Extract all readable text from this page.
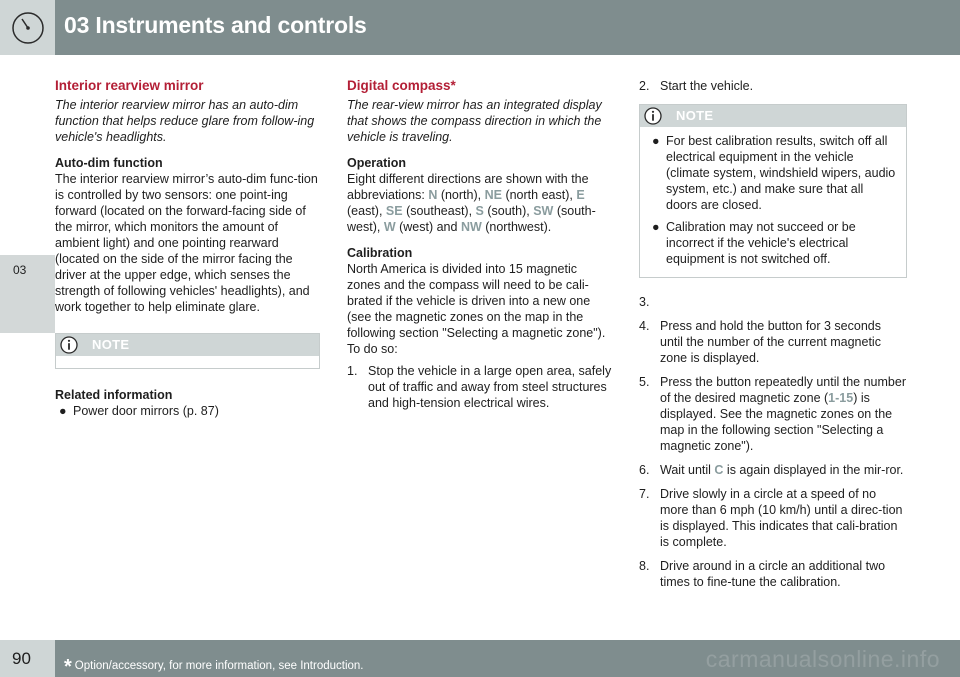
03 Instruments and controls
03
Interior rearview mirror
The interior rearview mirror has an auto-dim function that helps reduce glare from follow-ing vehicle's headlights.
Auto-dim function

The interior rearview mirror’s auto-dim func-tion is controlled by two sensors: one point-ing forward (located on the forward-facing side of the mirror, which monitors the amount of ambient light) and one pointing rearward (located on the side of the mirror facing the driver at the upper edge, which senses the strength of following vehicles' headlights), and work together to help eliminate glare.

NOTE
Related information
● Power door mirrors (p. 87)
Digital compass*
The rear-view mirror has an integrated display that shows the compass direction in which the vehicle is traveling.
Operation

Eight different directions are shown with the abbreviations: N (north), NE (north east), E (east), SE (southeast), S (south), SW (south-west), W (west) and NW (northwest).

Calibration

North America is divided into 15 magnetic zones and the compass will need to be cali-brated if the vehicle is driven into a new one (see the magnetic zones on the map in the following section "Selecting a magnetic zone"). To do so:

1. Stop the vehicle in a large open area, safely out of traffic and away from steel structures and high-tension electrical wires.
2. Start the vehicle.
NOTE
● For best calibration results, switch off all electrical equipment in the vehicle (climate system, windshield wipers, audio system, etc.) and make sure that all doors are closed.
● Calibration may not succeed or be incorrect if the vehicle's electrical equipment is not switched off.
3.
4. Press and hold the button for 3 seconds until the number of the current magnetic zone is displayed.
5. Press the button repeatedly until the number of the desired magnetic zone (1-15) is displayed. See the magnetic zones on the map in the following section "Selecting a magnetic zone").
6. Wait until C is again displayed in the mir-ror.
7. Drive slowly in a circle at a speed of no more than 6 mph (10 km/h) until a direc-tion is displayed. This indicates that cali-bration is complete.
8. Drive around in a circle an additional two times to fine-tune the calibration.
90 * Option/accessory, for more information, see Introduction.	carmanualsonline.info
